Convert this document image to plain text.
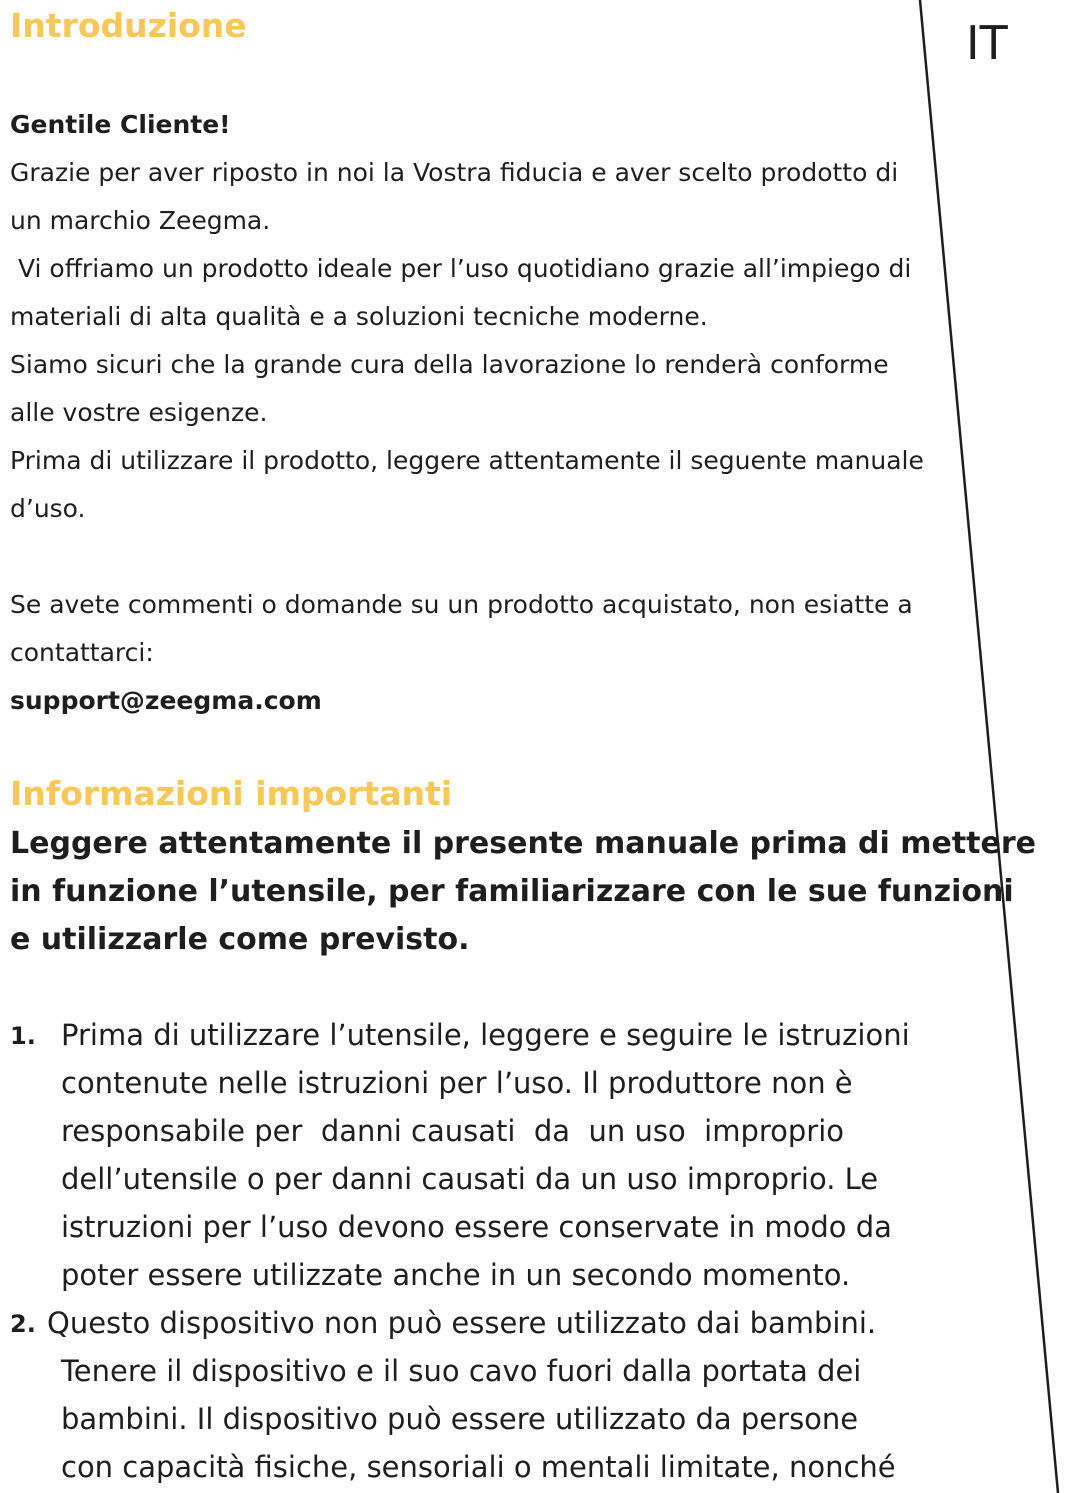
IT
Introduzione

Gentile Cliente!

Grazie per aver riposto in noi la Vostra fiducia e aver scelto prodotto di

un marchio Zeegma.

Vi offriamo un prodotto ideale per l’uso quotidiano grazie all’impiego di

materiali di alta qualità e a soluzioni tecniche moderne.

Siamo sicuri che la grande cura della lavorazione lo renderà conforme

alle vostre esigenze.

Prima di utilizzare il prodotto, leggere attentamente il seguente manuale

d’uso.

Se avete commenti o domande su un prodotto acquistato, non esiatte a

contattarci:

support@zeegma.com

Informazioni importanti

Leggere attentamente il presente manuale prima di mettere

in funzione l’utensile, per familiarizzare con le sue funzioni

e utilizzarle come previsto.

1. Prima di utilizzare l’utensile, leggere e seguire le istruzioni

contenute nelle istruzioni per l’uso. Il produttore non è

responsabile per  danni causati  da  un uso  improprio

dell’utensile o per danni causati da un uso improprio. Le

istruzioni per l’uso devono essere conservate in modo da

poter essere utilizzate anche in un secondo momento.

2. Questo dispositivo non può essere utilizzato dai bambini.

Tenere il dispositivo e il suo cavo fuori dalla portata dei

bambini. Il dispositivo può essere utilizzato da persone

con capacità fisiche, sensoriali o mentali limitate, nonché
